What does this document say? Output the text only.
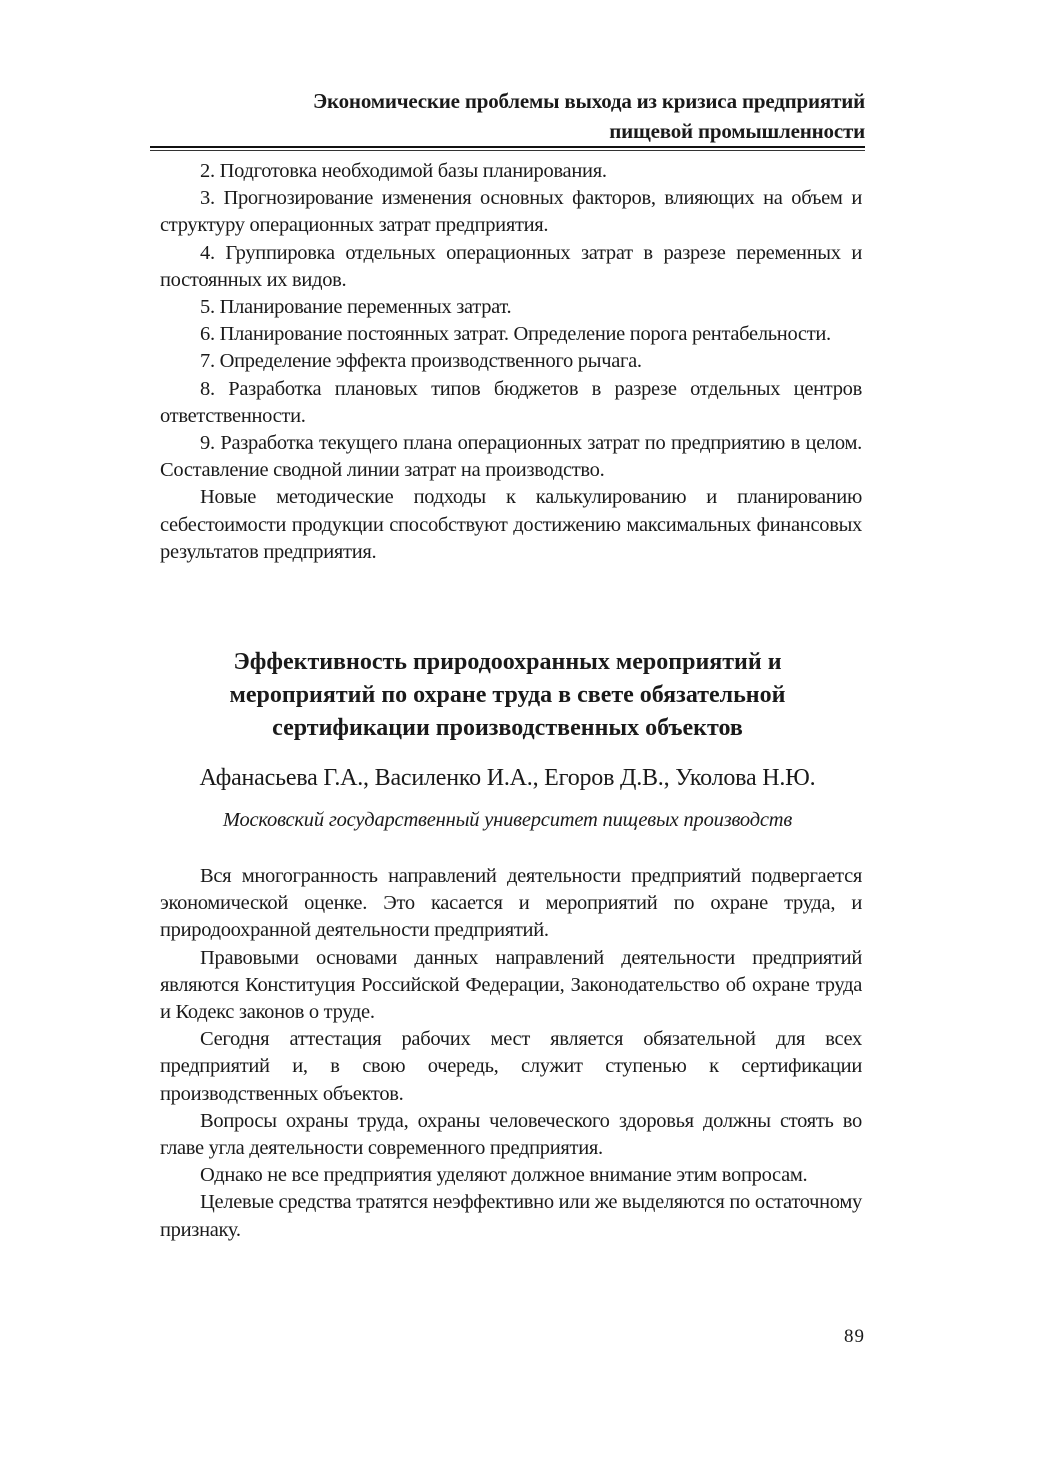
Экономические проблемы выхода из кризиса предприятий
пищевой промышленности

2. Подготовка необходимой базы планирования.

3. Прогнозирование изменения основных факторов, влияющих на объем и структуру операционных затрат предприятия.

4. Группировка отдельных операционных затрат в разрезе переменных и постоянных их видов.

5. Планирование переменных затрат.

6. Планирование постоянных затрат. Определение порога рентабельности.

7. Определение эффекта производственного рычага.

8. Разработка плановых типов бюджетов в разрезе отдельных центров ответственности.

9. Разработка текущего плана операционных затрат по предприятию в целом. Составление сводной линии затрат на производство.

Новые методические подходы к калькулированию и планированию себестоимости продукции способствуют достижению максимальных финансовых результатов предприятия.

Эффективность природоохранных мероприятий и
мероприятий по охране труда в свете обязательной
сертификации производственных объектов
Афанасьева Г.А., Василенко И.А., Егоров Д.В., Уколова Н.Ю.
Московский государственный университет пищевых производств

Вся многогранность направлений деятельности предприятий подвергается экономической оценке. Это касается и мероприятий по охране труда, и природоохранной деятельности предприятий.

Правовыми основами данных направлений деятельности предприятий являются Конституция Российской Федерации, Законодательство об охране труда и Кодекс законов о труде.

Сегодня аттестация рабочих мест является обязательной для всех предприятий и, в свою очередь, служит ступенью к сертификации производственных объектов.

Вопросы охраны труда, охраны человеческого здоровья должны стоять во главе угла деятельности современного предприятия.

Однако не все предприятия уделяют должное внимание этим вопросам.

Целевые средства тратятся неэффективно или же выделяются по остаточному признаку.

89
